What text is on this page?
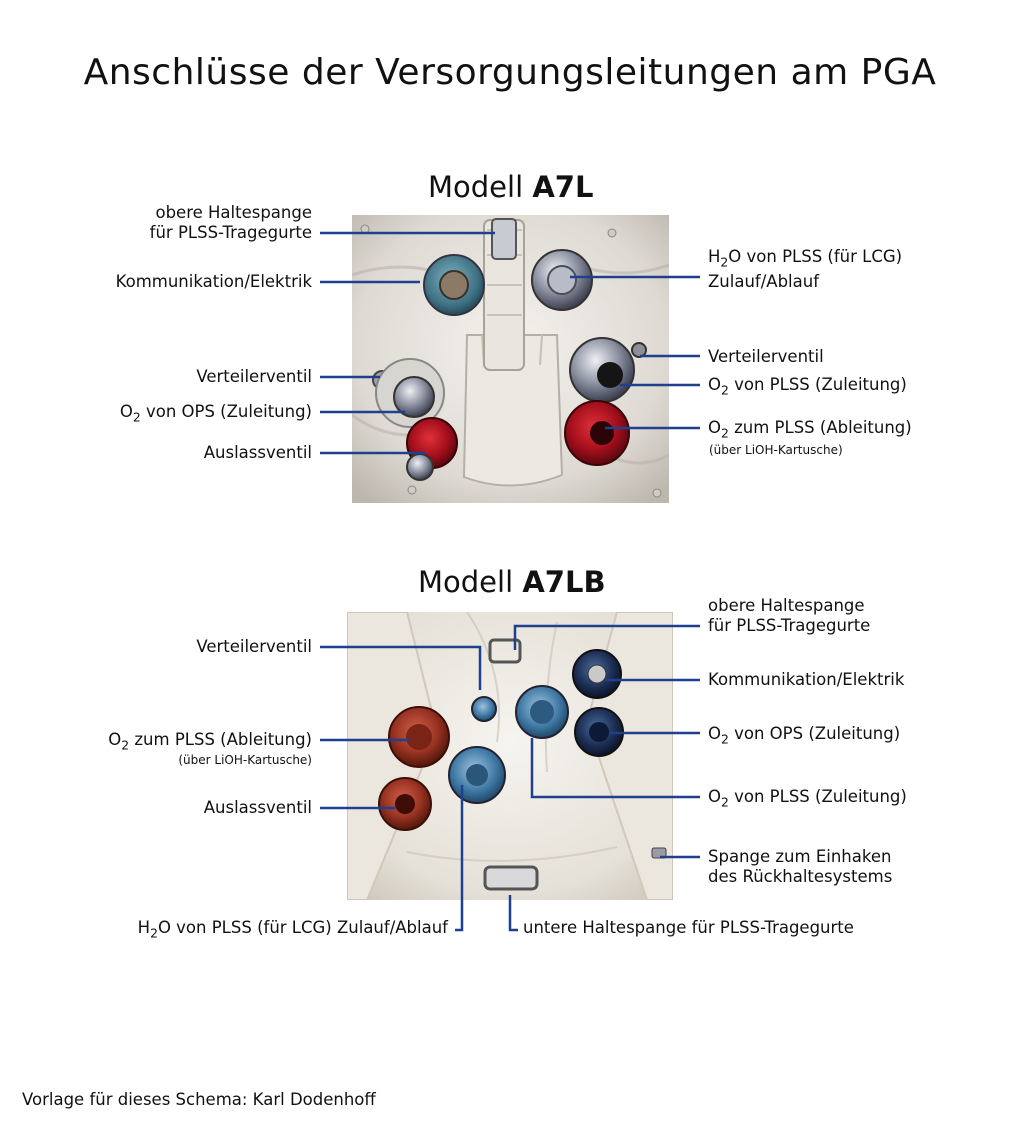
Anschlüsse der Versorgungsleitungen am PGA
Modell A7L
Modell A7LB
obere Haltespange
für PLSS-Tragegurte
Kommunikation/Elektrik
Verteilerventil
$O_2$ von OPS (Zuleitung)
Auslassventil
$H_2O$ von PLSS (für LCG)
Zulauf/Ablauf
Verteilerventil
$O_2$ von PLSS (Zuleitung)
$O_2$ zum PLSS (Ableitung)
(über LiOH-Kartusche)
Verteilerventil
$O_2$ zum PLSS (Ableitung)
(über LiOH-Kartusche)
Auslassventil
$H_2O$ von PLSS (für LCG) Zulauf/Ablauf
obere Haltespange
für PLSS-Tragegurte
Kommunikation/Elektrik
$O_2$ von OPS (Zuleitung)
$O_2$ von PLSS (Zuleitung)
Spange zum Einhaken
des Rückhaltesystems
untere Haltespange für PLSS-Tragegurte
Vorlage für dieses Schema: Karl Dodenhoff
